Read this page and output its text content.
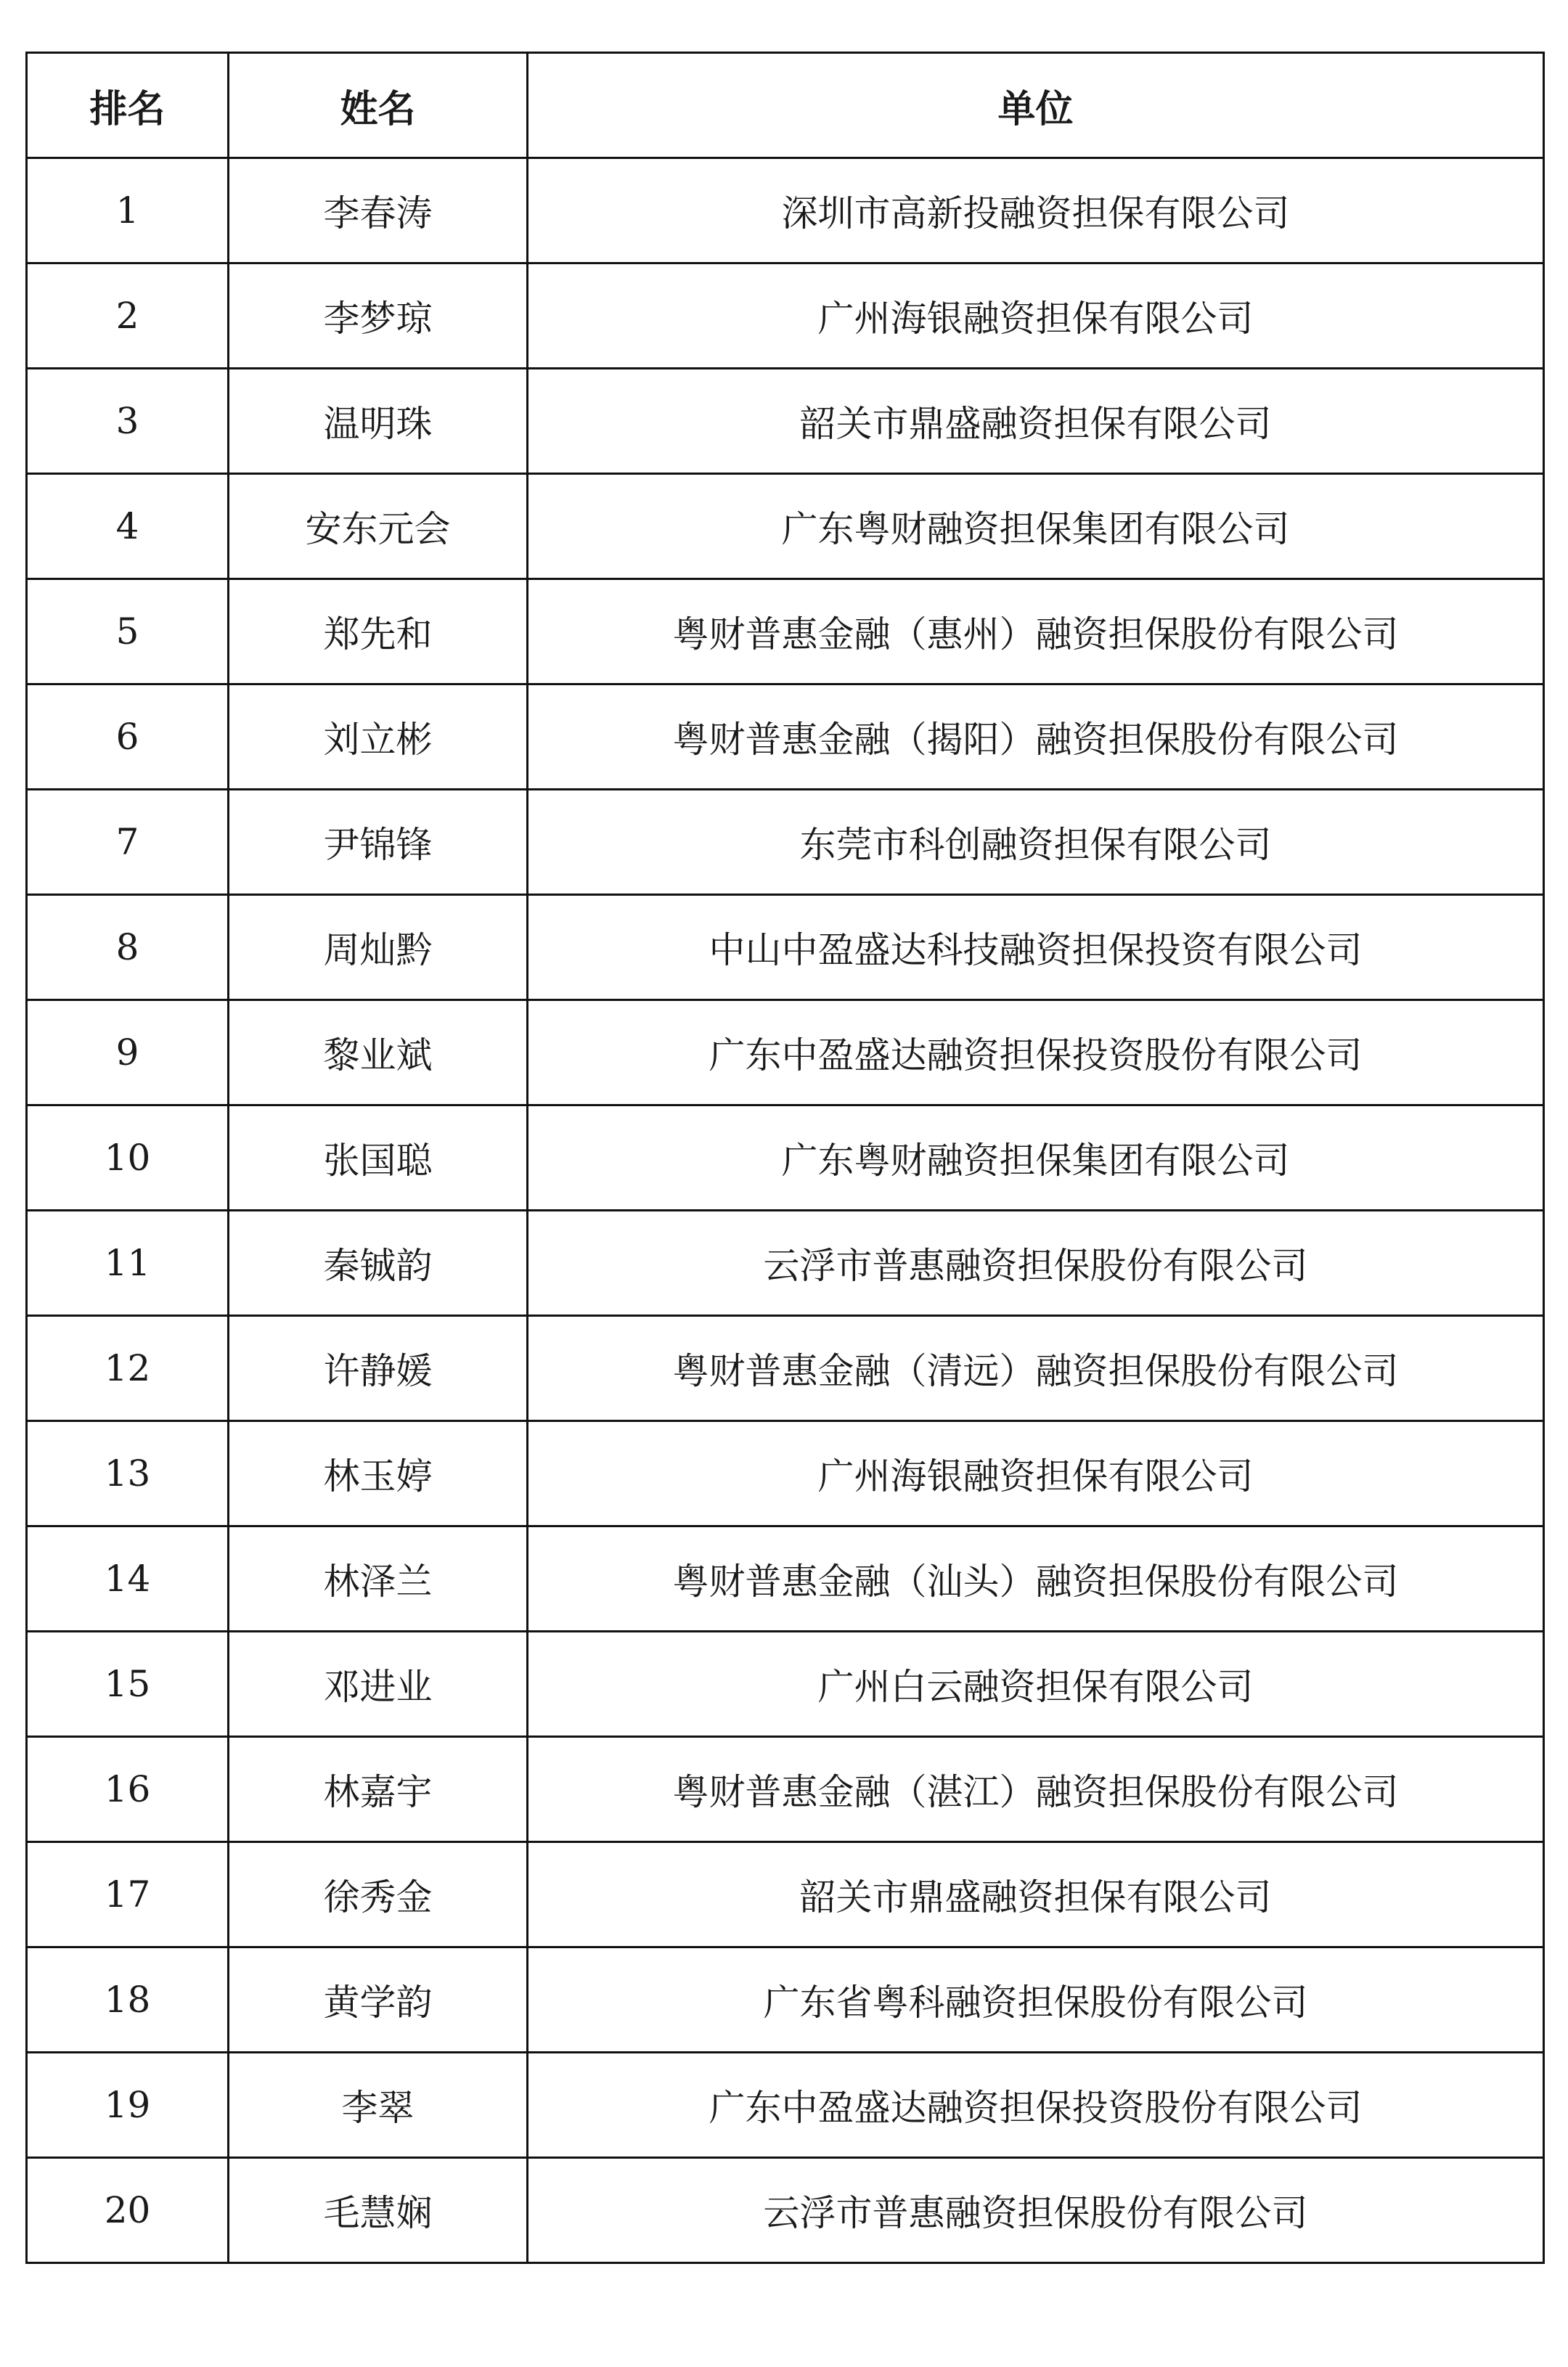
排名	姓名	单位
1	李春涛	深圳市高新投融资担保有限公司
2	李梦琼	广州海银融资担保有限公司
3	温明珠	韶关市鼎盛融资担保有限公司
4	安东元会	广东粤财融资担保集团有限公司
5	郑先和	粤财普惠金融（惠州）融资担保股份有限公司
6	刘立彬	粤财普惠金融（揭阳）融资担保股份有限公司
7	尹锦锋	东莞市科创融资担保有限公司
8	周灿黔	中山中盈盛达科技融资担保投资有限公司
9	黎业斌	广东中盈盛达融资担保投资股份有限公司
10	张国聪	广东粤财融资担保集团有限公司
11	秦铖韵	云浮市普惠融资担保股份有限公司
12	许静媛	粤财普惠金融（清远）融资担保股份有限公司
13	林玉婷	广州海银融资担保有限公司
14	林泽兰	粤财普惠金融（汕头）融资担保股份有限公司
15	邓进业	广州白云融资担保有限公司
16	林嘉宇	粤财普惠金融（湛江）融资担保股份有限公司
17	徐秀金	韶关市鼎盛融资担保有限公司
18	黄学韵	广东省粤科融资担保股份有限公司
19	李翠	广东中盈盛达融资担保投资股份有限公司
20	毛慧娴	云浮市普惠融资担保股份有限公司
